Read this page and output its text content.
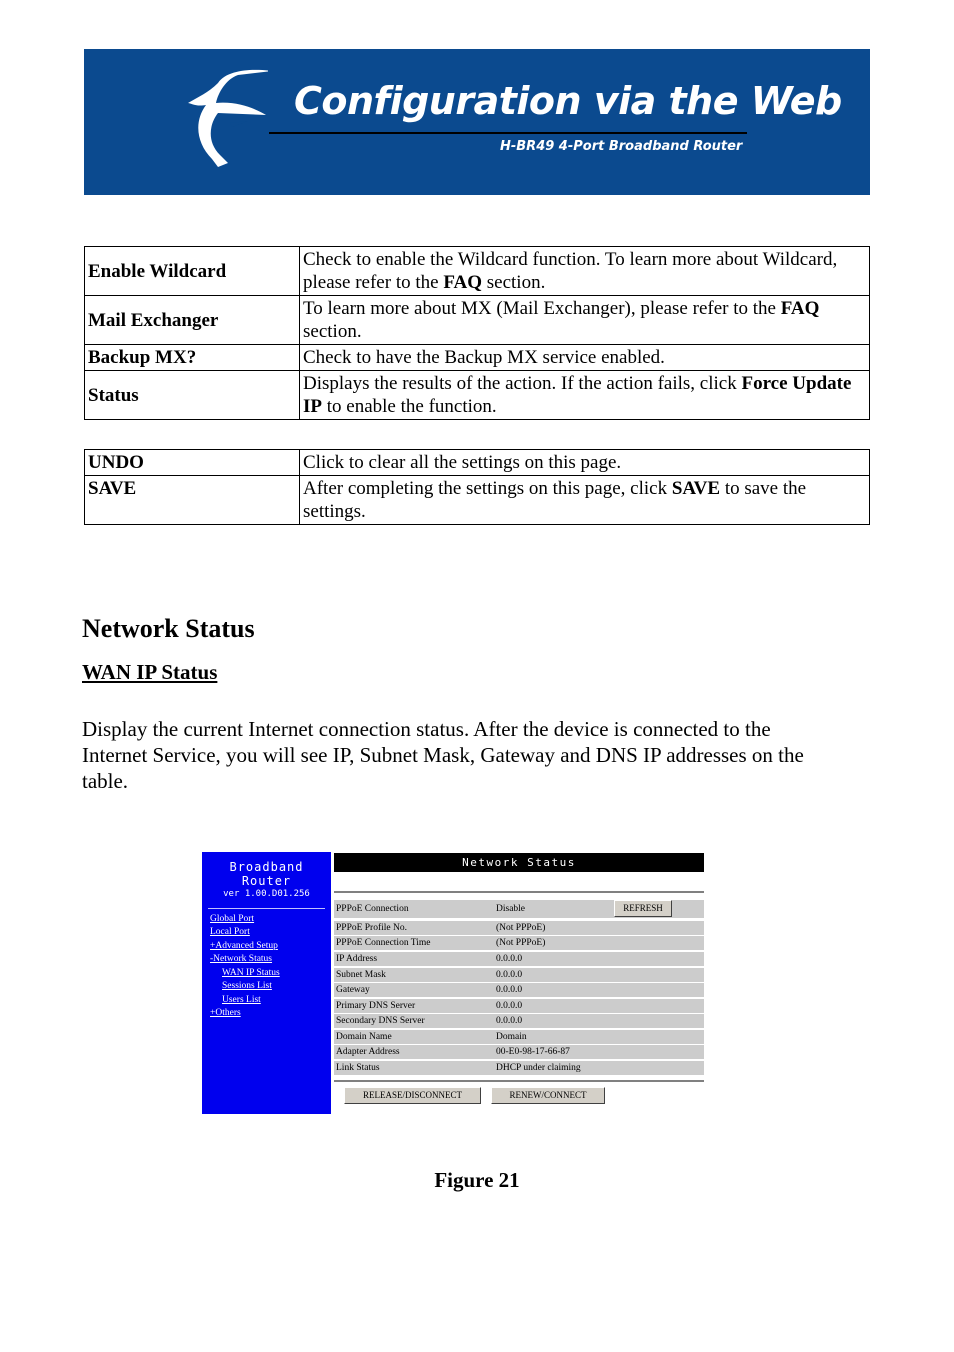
Configuration via the Web
H-BR49 4-Port Broadband Router
Enable Wildcard	Check to enable the Wildcard function. To learn more about Wildcard, please refer to the FAQ section.
Mail Exchanger	To learn more about MX (Mail Exchanger), please refer to the FAQ section.
Backup MX?	Check to have the Backup MX service enabled.
Status	Displays the results of the action. If the action fails, click Force Update IP to enable the function.
UNDO	Click to clear all the settings on this page.
SAVE	After completing the settings on this page, click SAVE to save the settings.
Network Status
WAN IP Status
Display the current Internet connection status. After the device is connected to the Internet Service, you will see IP, Subnet Mask, Gateway and DNS IP addresses on the table.
Broadband
Router
ver 1.00.D01.256
Global Port
Local Port
+Advanced Setup
-Network Status
WAN IP Status
Sessions List
Users List
+Others
Network Status
PPPoE Connection	Disable
PPPoE Profile No.	(Not PPPoE)
PPPoE Connection Time	(Not PPPoE)
IP Address	0.0.0.0
Subnet Mask	0.0.0.0
Gateway	0.0.0.0
Primary DNS Server	0.0.0.0
Secondary DNS Server	0.0.0.0
Domain Name	Domain
Adapter Address	00-E0-98-17-66-87
Link Status	DHCP under claiming
REFRESH
RELEASE/DISCONNECT	RENEW/CONNECT
Figure 21
